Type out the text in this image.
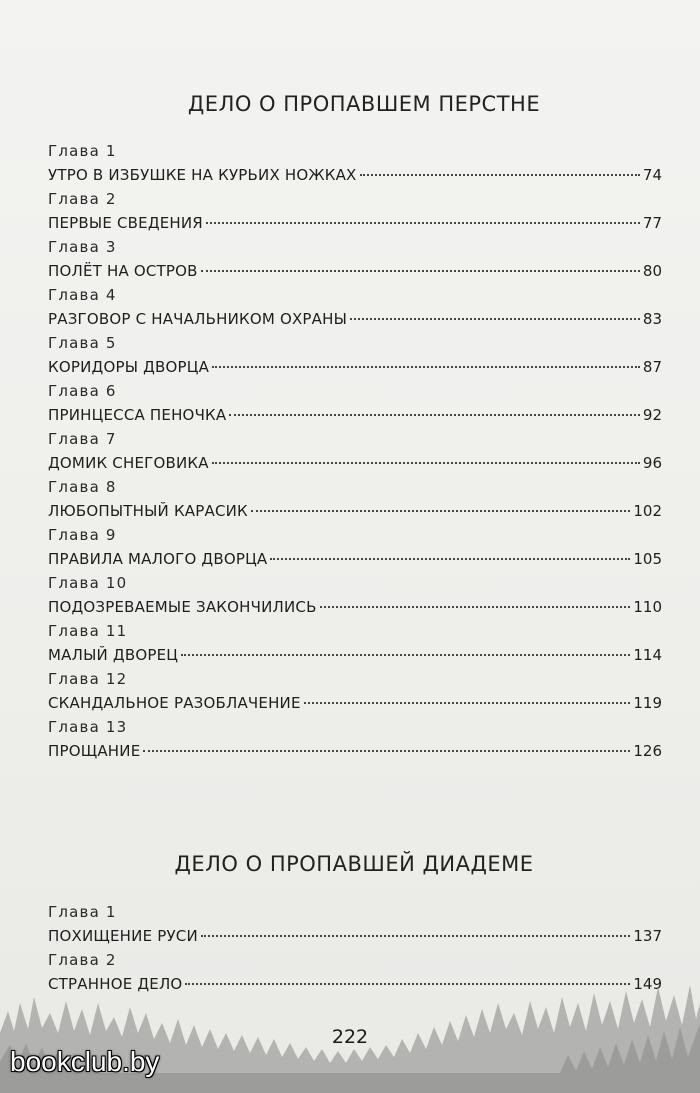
ДЕЛО О ПРОПАВШЕМ ПЕРСТНЕ
Глава 1
УТРО В ИЗБУШКЕ НА КУРЬИХ НОЖКАХ	74
Глава 2
ПЕРВЫЕ СВЕДЕНИЯ	77
Глава 3
ПОЛЁТ НА ОСТРОВ	80
Глава 4
РАЗГОВОР С НАЧАЛЬНИКОМ ОХРАНЫ	83
Глава 5
КОРИДОРЫ ДВОРЦА	87
Глава 6
ПРИНЦЕССА ПЕНОЧКА	92
Глава 7
ДОМИК СНЕГОВИКА	96
Глава 8
ЛЮБОПЫТНЫЙ КАРАСИК	102
Глава 9
ПРАВИЛА МАЛОГО ДВОРЦА	105
Глава 10
ПОДОЗРЕВАЕМЫЕ ЗАКОНЧИЛИСЬ	110
Глава 11
МАЛЫЙ ДВОРЕЦ	114
Глава 12
СКАНДАЛЬНОЕ РАЗОБЛАЧЕНИЕ	119
Глава 13
ПРОЩАНИЕ	126
ДЕЛО О ПРОПАВШЕЙ ДИАДЕМЕ
Глава 1
ПОХИЩЕНИЕ РУСИ	137
Глава 2
СТРАННОЕ ДЕЛО	149
222
bookclub.by
